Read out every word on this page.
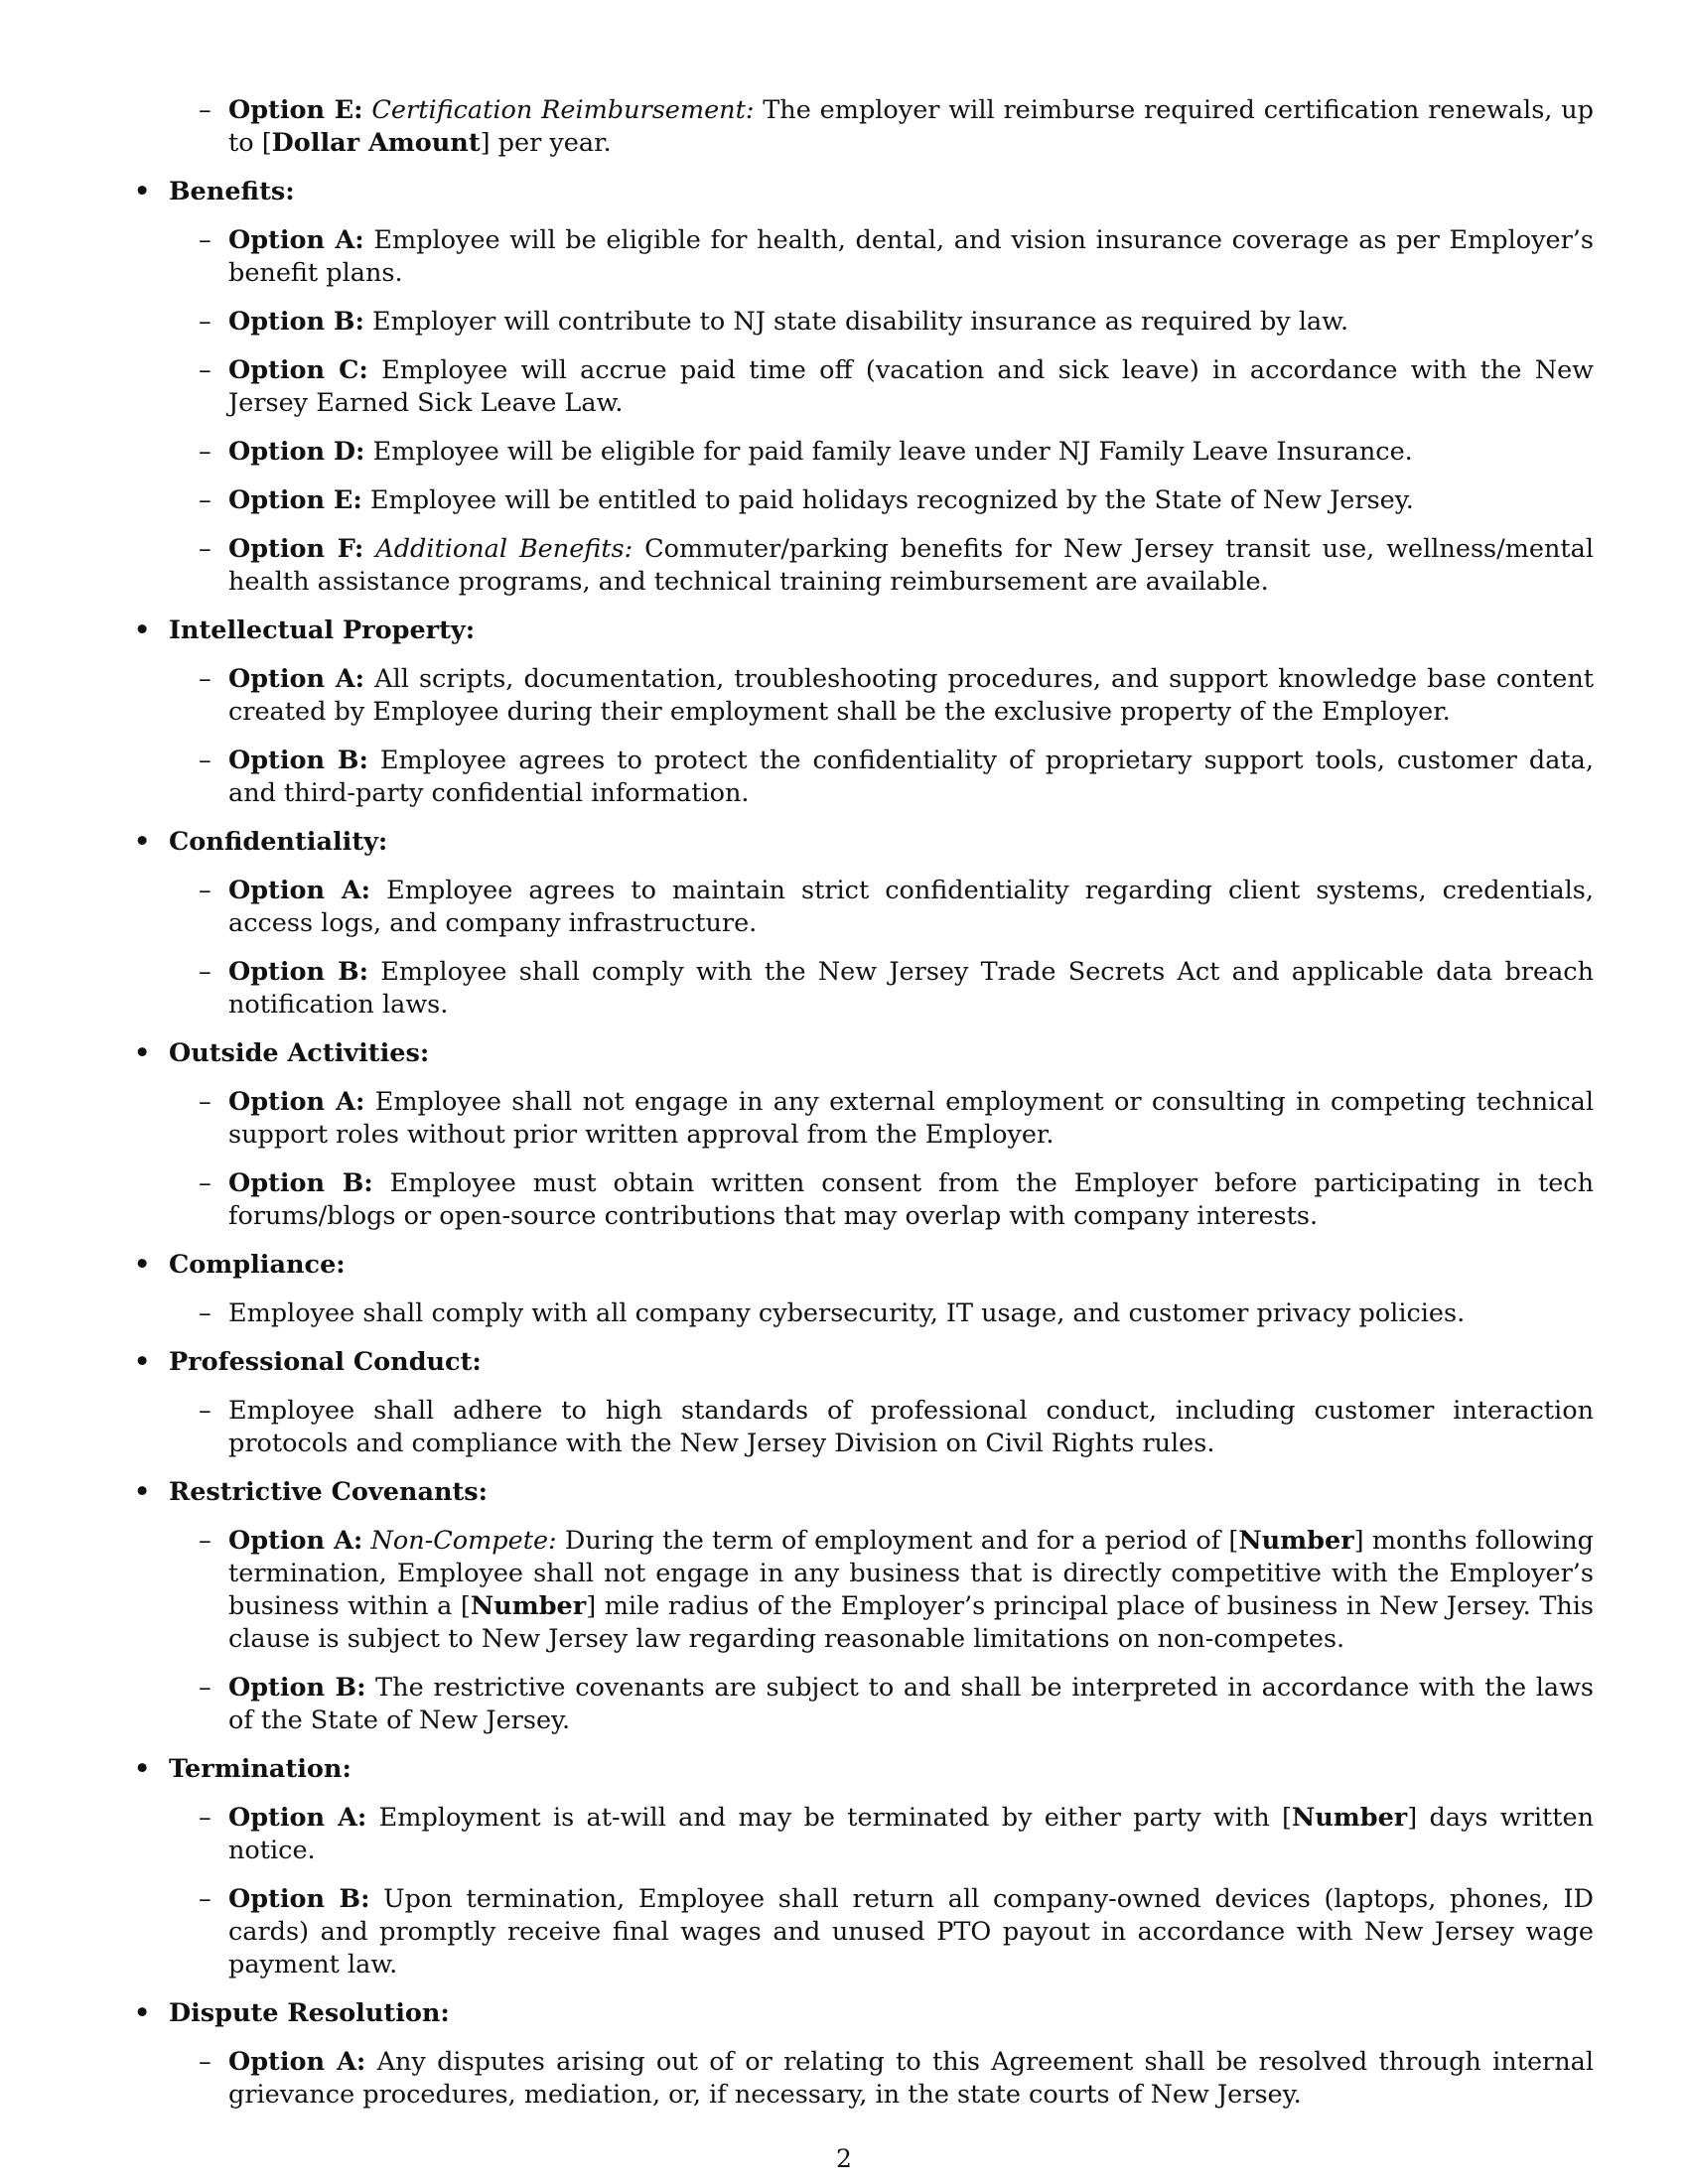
– Option E: Certification Reimbursement: The employer will reimburse required certification renewals, up to [Dollar Amount] per year.
• Benefits:
– Option A: Employee will be eligible for health, dental, and vision insurance coverage as per Employer’s benefit plans.
– Option B: Employer will contribute to NJ state disability insurance as required by law.
– Option C: Employee will accrue paid time off (vacation and sick leave) in accordance with the New Jersey Earned Sick Leave Law.
– Option D: Employee will be eligible for paid family leave under NJ Family Leave Insurance.
– Option E: Employee will be entitled to paid holidays recognized by the State of New Jersey.
– Option F: Additional Benefits: Commuter/parking benefits for New Jersey transit use, wellness/mental health assistance programs, and technical training reimbursement are available.
• Intellectual Property:
– Option A: All scripts, documentation, troubleshooting procedures, and support knowledge base content created by Employee during their employment shall be the exclusive property of the Employer.
– Option B: Employee agrees to protect the confidentiality of proprietary support tools, customer data, and third-party confidential information.
• Confidentiality:
– Option A: Employee agrees to maintain strict confidentiality regarding client systems, credentials, access logs, and company infrastructure.
– Option B: Employee shall comply with the New Jersey Trade Secrets Act and applicable data breach notification laws.
• Outside Activities:
– Option A: Employee shall not engage in any external employment or consulting in competing technical support roles without prior written approval from the Employer.
– Option B: Employee must obtain written consent from the Employer before participating in tech forums/blogs or open-source contributions that may overlap with company interests.
• Compliance:
– Employee shall comply with all company cybersecurity, IT usage, and customer privacy policies.
• Professional Conduct:
– Employee shall adhere to high standards of professional conduct, including customer interaction protocols and compliance with the New Jersey Division on Civil Rights rules.
• Restrictive Covenants:
– Option A: Non-Compete: During the term of employment and for a period of [Number] months following termination, Employee shall not engage in any business that is directly competitive with the Employer’s business within a [Number] mile radius of the Employer’s principal place of business in New Jersey. This clause is subject to New Jersey law regarding reasonable limitations on non-competes.
– Option B: The restrictive covenants are subject to and shall be interpreted in accordance with the laws of the State of New Jersey.
• Termination:
– Option A: Employment is at-will and may be terminated by either party with [Number] days written notice.
– Option B: Upon termination, Employee shall return all company-owned devices (laptops, phones, ID cards) and promptly receive final wages and unused PTO payout in accordance with New Jersey wage payment law.
• Dispute Resolution:
– Option A: Any disputes arising out of or relating to this Agreement shall be resolved through internal grievance procedures, mediation, or, if necessary, in the state courts of New Jersey.
2
